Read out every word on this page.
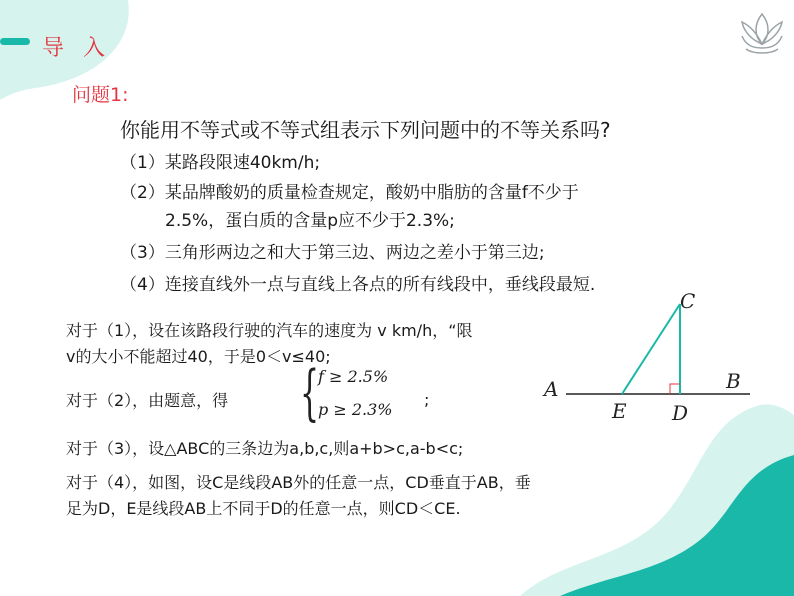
导 入
问题1:
你能用不等式或不等式组表示下列问题中的不等关系吗?
（1）某路段限速40km/h;
（2）某品牌酸奶的质量检查规定，酸奶中脂肪的含量f不少于
2.5%，蛋白质的含量p应不少于2.3%;
（3）三角形两边之和大于第三边、两边之差小于第三边;
（4）连接直线外一点与直线上各点的所有线段中，垂线段最短.
对于（1），设在该路段行驶的汽车的速度为 v km/h，“限
v的大小不能超过40，于是0＜v≤40;
对于（2），由题意，得 {
f ≥ 2.5%
p ≥ 2.3%
;
对于（3），设△ABC的三条边为a,b,c,则a+b>c,a-b<c;
对于（4），如图，设C是线段AB外的任意一点，CD垂直于AB，垂
足为D，E是线段AB上不同于D的任意一点，则CD＜CE.
C
A	B
E D
